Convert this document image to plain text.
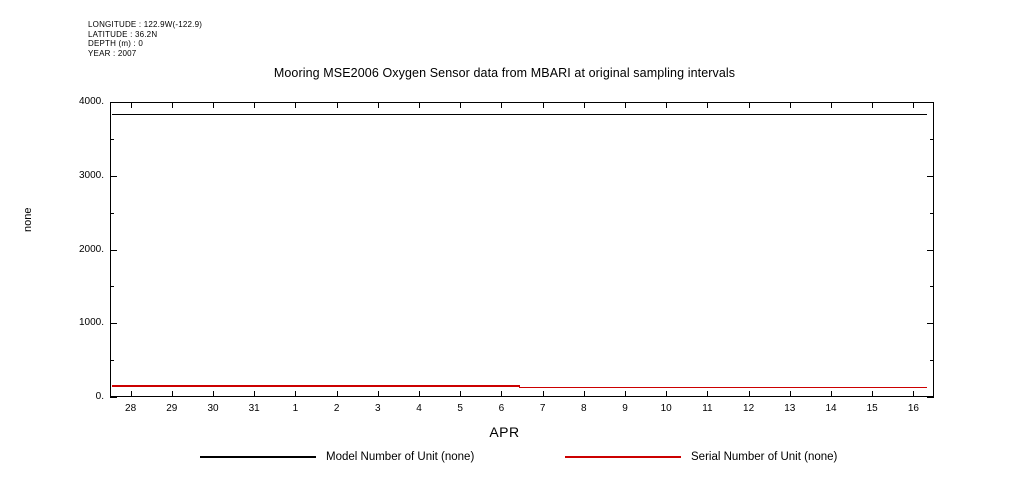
LONGITUDE : 122.9W(-122.9)
LATITUDE : 36.2N
DEPTH (m) : 0
YEAR : 2007
Mooring MSE2006 Oxygen Sensor data from MBARI at original sampling intervals
none
0.
1000.
2000.
3000.
4000.
28	29	30	31	1	2	3	4	5	6	7	8	9	10	11	12	13	14	15	16
APR
Model Number of Unit (none)	Serial Number of Unit (none)
